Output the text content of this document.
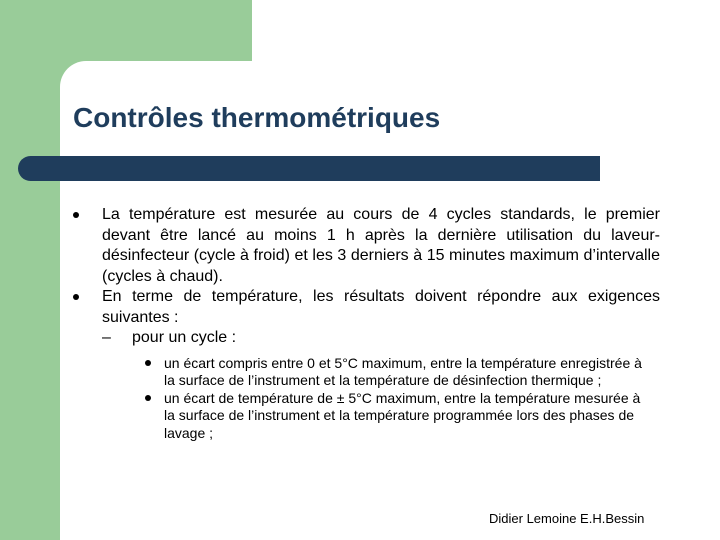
Contrôles thermométriques
La température est mesurée au cours de 4 cycles standards, le premier devant être lancé au moins 1 h après la dernière utilisation du laveur-désinfecteur (cycle à froid) et les 3 derniers à 15 minutes maximum d’intervalle (cycles à chaud).
En terme de température, les résultats doivent répondre aux exigences suivantes :
– pour un cycle :
un écart compris entre 0 et 5°C maximum, entre la température enregistrée à la surface de l’instrument et la température de désinfection thermique ;
un écart de température de ± 5°C maximum, entre la température mesurée à la surface de l’instrument et la température programmée lors des phases de lavage ;
Didier Lemoine E.H.Bessin
